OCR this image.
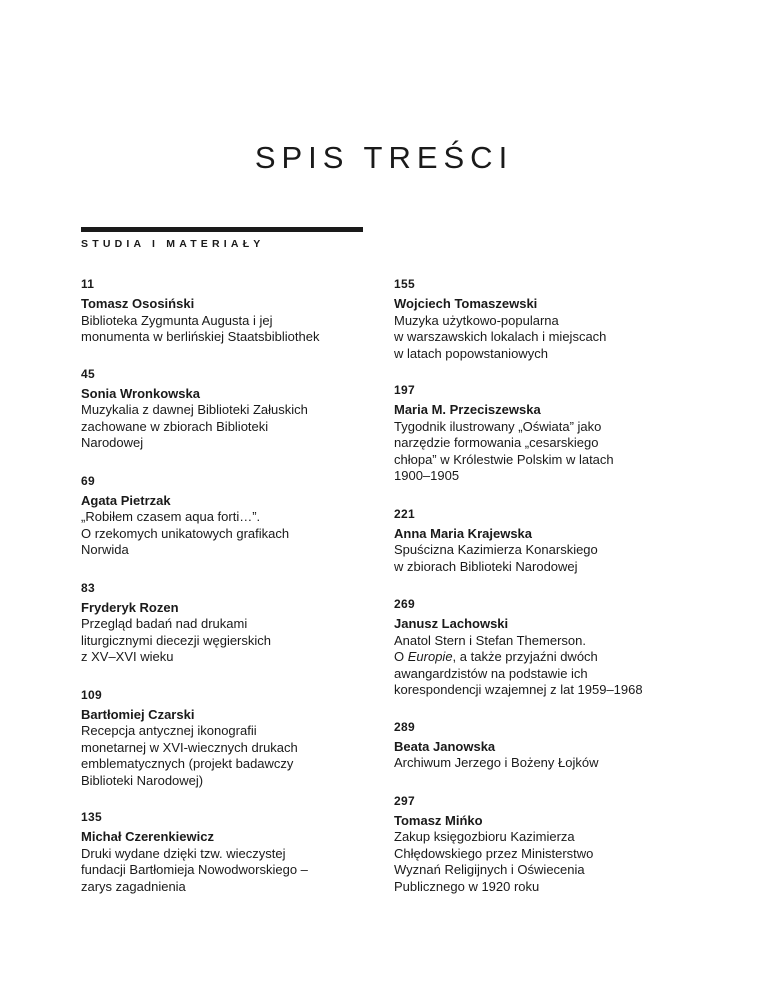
SPIS TREŚCI
STUDIA I MATERIAŁY
11
Tomasz Ososiński
Biblioteka Zygmunta Augusta i jej
monumenta w berlińskiej Staatsbibliothek
45
Sonia Wronkowska
Muzykalia z dawnej Biblioteki Załuskich
zachowane w zbiorach Biblioteki
Narodowej
69
Agata Pietrzak
„Robiłem czasem aqua forti…”.
O rzekomych unikatowych grafikach
Norwida
83
Fryderyk Rozen
Przegląd badań nad drukami
liturgicznymi diecezji węgierskich
z XV–XVI wieku
109
Bartłomiej Czarski
Recepcja antycznej ikonografii
monetarnej w XVI-wiecznych drukach
emblematycznych (projekt badawczy
Biblioteki Narodowej)
135
Michał Czerenkiewicz
Druki wydane dzięki tzw. wieczystej
fundacji Bartłomieja Nowodworskiego –
zarys zagadnienia
155
Wojciech Tomaszewski
Muzyka użytkowo-popularna
w warszawskich lokalach i miejscach
w latach popowstaniowych
197
Maria M. Przeciszewska
Tygodnik ilustrowany „Oświata” jako
narzędzie formowania „cesarskiego
chłopa” w Królestwie Polskim w latach
1900–1905
221
Anna Maria Krajewska
Spuścizna Kazimierza Konarskiego
w zbiorach Biblioteki Narodowej
269
Janusz Lachowski
Anatol Stern i Stefan Themerson.
O Europie, a także przyjaźni dwóch
awangardzistów na podstawie ich
korespondencji wzajemnej z lat 1959–1968
289
Beata Janowska
Archiwum Jerzego i Bożeny Łojków
297
Tomasz Mińko
Zakup księgozbioru Kazimierza
Chłędowskiego przez Ministerstwo
Wyznań Religijnych i Oświecenia
Publicznego w 1920 roku
